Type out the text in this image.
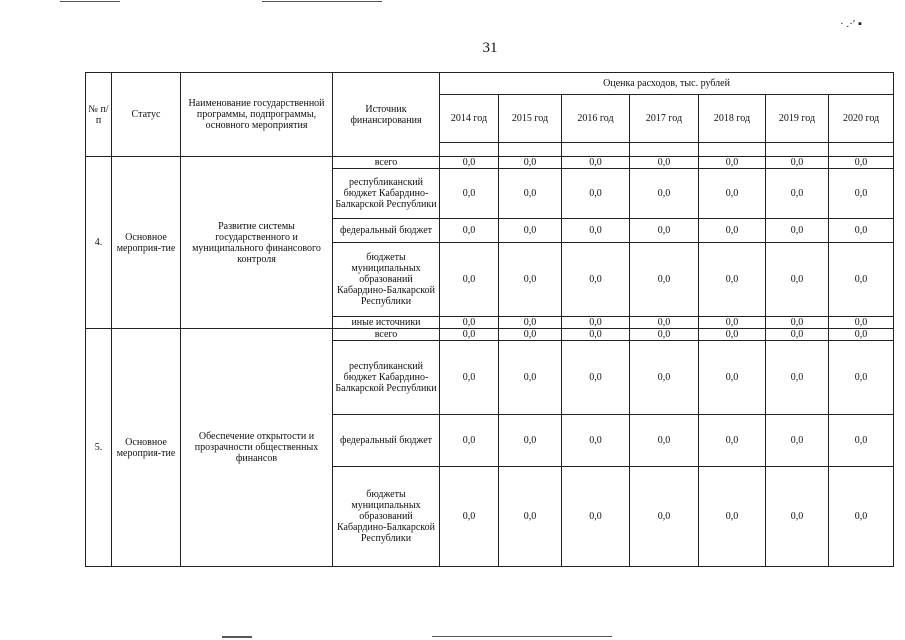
· .·′ ▪
31
№ п/п	Статус	Наименование государственной программы, подпрограммы, основного мероприятия	Источник финансирования	Оценка расходов, тыс. рублей						
				2014 год	2015 год	2016 год	2017 год	2018 год	2019 год	2020 год

4.	Основное мероприя-тие	Развитие системы государственного и муниципального финансового контроля	всего	0,0	0,0	0,0	0,0	0,0	0,0	0,0
			республиканский бюджет Кабардино-Балкарской Республики	0,0	0,0	0,0	0,0	0,0	0,0	0,0
			федеральный бюджет	0,0	0,0	0,0	0,0	0,0	0,0	0,0
			бюджеты муниципальных образований Кабардино-Балкарской Республики	0,0	0,0	0,0	0,0	0,0	0,0	0,0
			иные источники	0,0	0,0	0,0	0,0	0,0	0,0	0,0
5.	Основное мероприя-тие	Обеспечение открытости и прозрачности общественных финансов	всего	0,0	0,0	0,0	0,0	0,0	0,0	0,0
			республиканский бюджет Кабардино-Балкарской Республики	0,0	0,0	0,0	0,0	0,0	0,0	0,0
			федеральный бюджет	0,0	0,0	0,0	0,0	0,0	0,0	0,0
			бюджеты муниципальных образований Кабардино-Балкарской Республики	0,0	0,0	0,0	0,0	0,0	0,0	0,0
